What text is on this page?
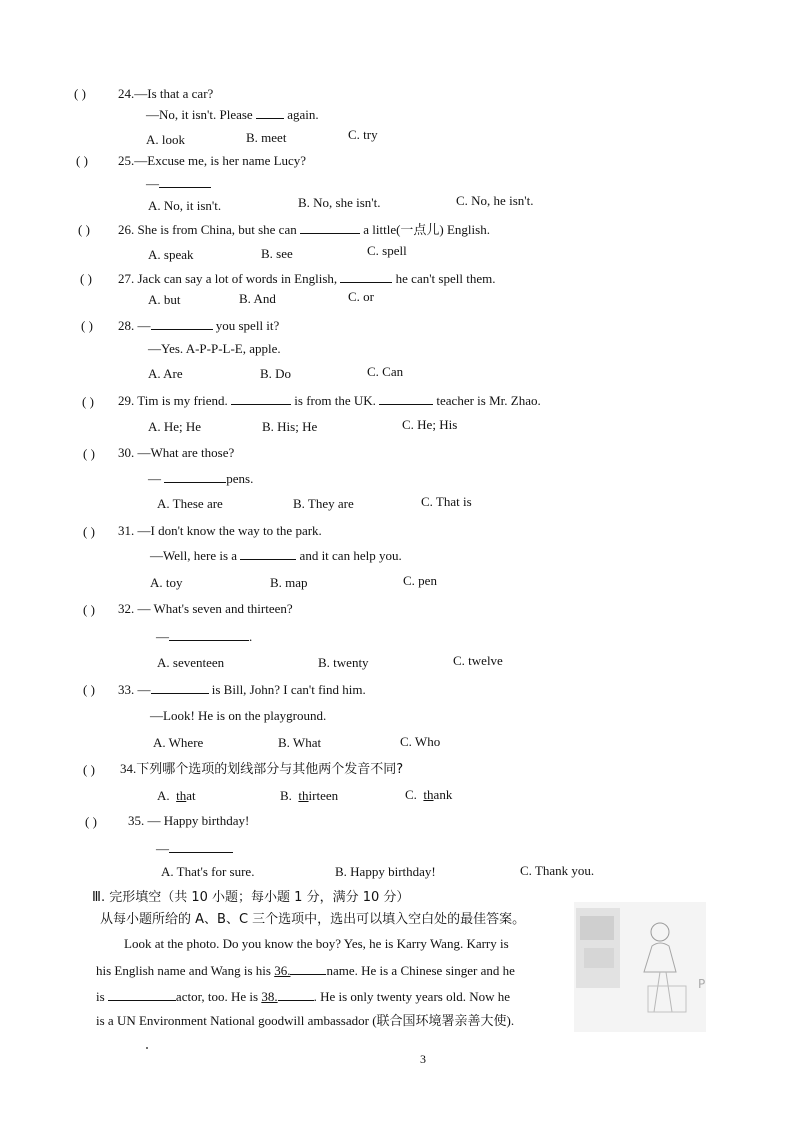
( ) 24.—Is that a car?
—No, it isn't. Please	again.
A. look	B. meet	C. try
( ) 25.—Excuse me, is her name Lucy?
—
A. No, it isn't.	B. No, she isn't.	C. No, he isn't.
( ) 26. She is from China, but she can	a little(一点儿) English.
A. speak	B. see	C. spell
( ) 27. Jack can say a lot of words in English,	he can't spell them.
A. but	B. And	C. or
( ) 28. —	you spell it?
—Yes. A-P-P-L-E, apple.
A. Are	B. Do	C. Can
( ) 29. Tim is my friend.	is from the UK.	teacher is Mr. Zhao.
A. He; He	B. His; He	C. He; His
( ) 30. —What are those?
—	pens.
A. These are	B. They are	C. That is
( ) 31. —I don't know the way to the park.
—Well, here is a	and it can help you.
A. toy	B. map	C. pen
( ) 32. — What's seven and thirteen?
—	.
A. seventeen	B. twenty	C. twelve
( ) 33. —	is Bill, John? I can't find him.
—Look! He is on the playground.
A. Where	B. What	C. Who
( ) 34.下列哪个选项的划线部分与其他两个发音不同?
A. that	B. thirteen	C. thank
( ) 35. — Happy birthday!
—
A. That's for sure.	B. Happy birthday!	C. Thank you.
Ⅲ. 完形填空（共 10 小题；每小题 1 分，满分 10 分）
从每小题所给的 A、B、C 三个选项中，选出可以填入空白处的最佳答案。
Look at the photo. Do you know the boy? Yes, he is Karry Wang. Karry is
his English name and Wang is his 36.	name. He is a Chinese singer and he
is	actor, too. He is 38.	. He is only twenty years old. Now he
is a UN Environment National goodwill ambassador (联合国环境署亲善大使).
P
3
